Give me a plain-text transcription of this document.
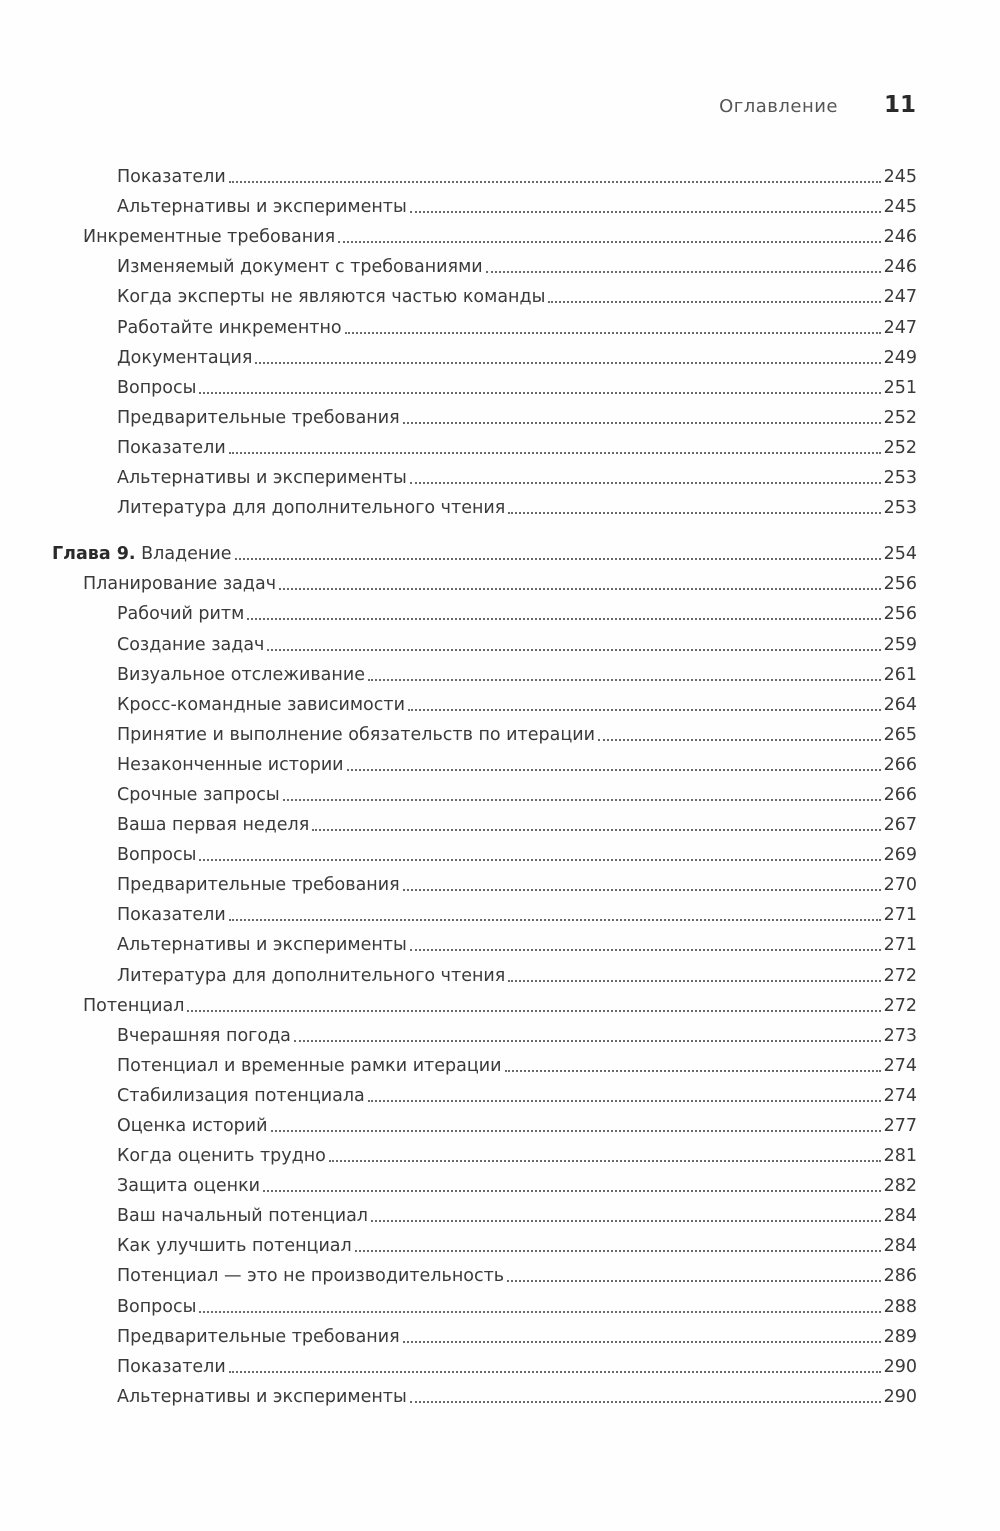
Оглавление 11
Показатели	245
Альтернативы и эксперименты	245
Инкрементные требования	246
Изменяемый документ с требованиями	246
Когда эксперты не являются частью команды	247
Работайте инкрементно	247
Документация	249
Вопросы	251
Предварительные требования	252
Показатели	252
Альтернативы и эксперименты	253
Литература для дополнительного чтения	253
Глава 9. Владение	254
Планирование задач	256
Рабочий ритм	256
Создание задач	259
Визуальное отслеживание	261
Кросс-командные зависимости	264
Принятие и выполнение обязательств по итерации	265
Незаконченные истории	266
Срочные запросы	266
Ваша первая неделя	267
Вопросы	269
Предварительные требования	270
Показатели	271
Альтернативы и эксперименты	271
Литература для дополнительного чтения	272
Потенциал	272
Вчерашняя погода	273
Потенциал и временные рамки итерации	274
Стабилизация потенциала	274
Оценка историй	277
Когда оценить трудно	281
Защита оценки	282
Ваш начальный потенциал	284
Как улучшить потенциал	284
Потенциал — это не производительность	286
Вопросы	288
Предварительные требования	289
Показатели	290
Альтернативы и эксперименты	290
